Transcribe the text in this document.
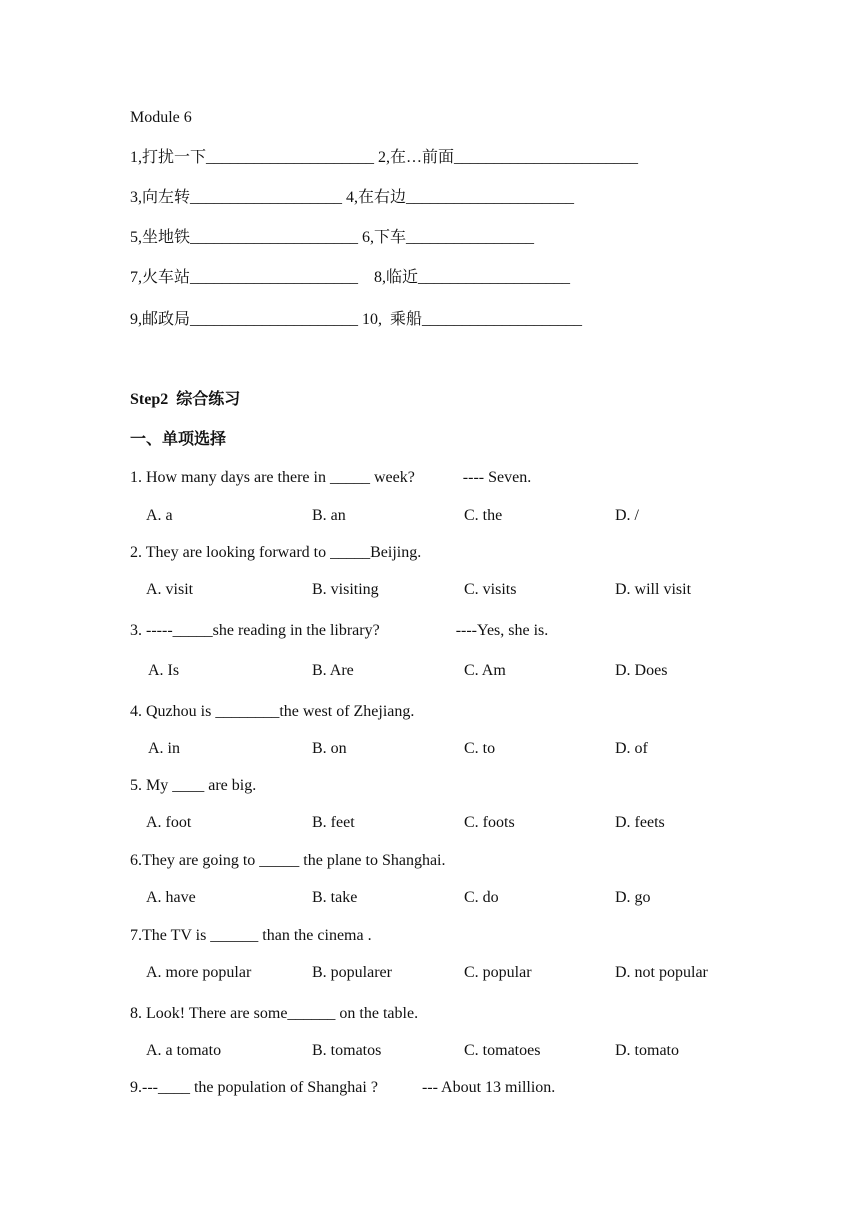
Module 6
1,打扰一下_____________________ 2,在…前面_______________________
3,向左转___________________ 4,在右边_____________________
5,坐地铁_____________________ 6,下车________________
7,火车站_____________________    8,临近___________________
9,邮政局_____________________ 10,  乘船____________________
Step2  综合练习
一、单项选择
1. How many days are there in _____ week?            ---- Seven.
A. a	B. an	C. the	D. /
2. They are looking forward to _____Beijing.
A. visit	B. visiting	C. visits	D. will visit
3. -----_____she reading in the library?                   ----Yes, she is.
A. Is	B. Are	C. Am	D. Does
4. Quzhou is ________the west of Zhejiang.
A. in	B. on	C. to	D. of
5. My ____ are big.
A. foot	B. feet	C. foots	D. feets
6.They are going to _____ the plane to Shanghai.
A. have	B. take	C. do	D. go
7.The TV is ______ than the cinema .
A. more popular	B. popularer	C. popular	D. not popular
8. Look! There are some______ on the table.
A. a tomato	B. tomatos	C. tomatoes	D. tomato
9.---____ the population of Shanghai ?           --- About 13 million.
